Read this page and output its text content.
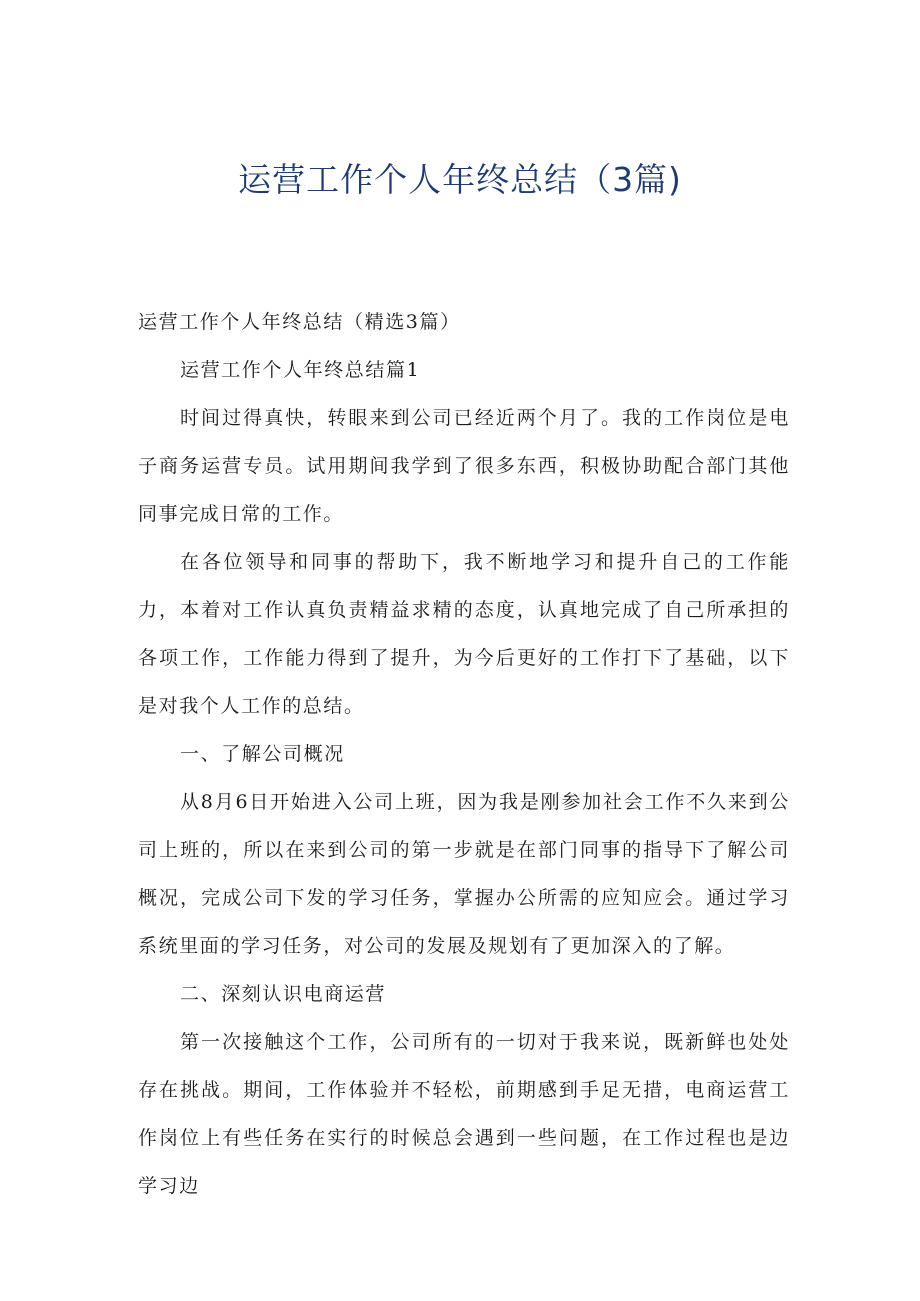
运营工作个人年终总结（3篇)

运营工作个人年终总结（精选3篇）

运营工作个人年终总结篇1

时间过得真快，转眼来到公司已经近两个月了。我的工作岗位是电子商务运营专员。试用期间我学到了很多东西，积极协助配合部门其他同事完成日常的工作。

在各位领导和同事的帮助下，我不断地学习和提升自己的工作能力，本着对工作认真负责精益求精的态度，认真地完成了自己所承担的各项工作，工作能力得到了提升，为今后更好的工作打下了基础，以下是对我个人工作的总结。

一、了解公司概况

从8月6日开始进入公司上班，因为我是刚参加社会工作不久来到公司上班的，所以在来到公司的第一步就是在部门同事的指导下了解公司概况，完成公司下发的学习任务，掌握办公所需的应知应会。通过学习系统里面的学习任务，对公司的发展及规划有了更加深入的了解。

二、深刻认识电商运营

第一次接触这个工作，公司所有的一切对于我来说，既新鲜也处处存在挑战。期间，工作体验并不轻松，前期感到手足无措，电商运营工作岗位上有些任务在实行的时候总会遇到一些问题，在工作过程也是边学习边
